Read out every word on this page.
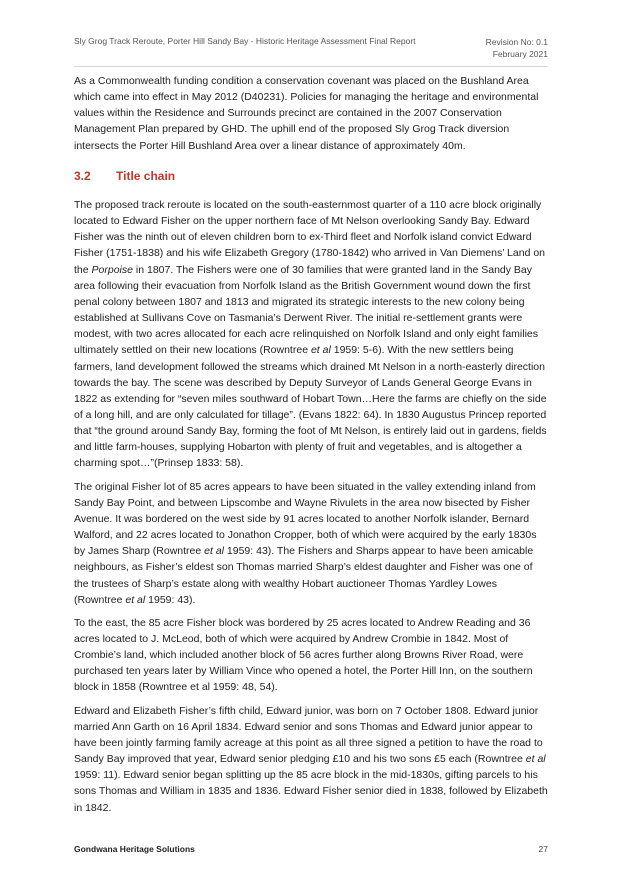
Sly Grog Track Reroute, Porter Hill Sandy Bay - Historic Heritage Assessment Final Report	Revision No: 0.1
February 2021

As a Commonwealth funding condition a conservation covenant was placed on the Bushland Area which came into effect in May 2012 (D40231). Policies for managing the heritage and environmental values within the Residence and Surrounds precinct are contained in the 2007 Conservation Management Plan prepared by GHD. The uphill end of the proposed Sly Grog Track diversion intersects the Porter Hill Bushland Area over a linear distance of approximately 40m.

3.2 Title chain

The proposed track reroute is located on the south-easternmost quarter of a 110 acre block originally located to Edward Fisher on the upper northern face of Mt Nelson overlooking Sandy Bay. Edward Fisher was the ninth out of eleven children born to ex-Third fleet and Norfolk island convict Edward Fisher (1751-1838) and his wife Elizabeth Gregory (1780-1842) who arrived in Van Diemens’ Land on the Porpoise in 1807. The Fishers were one of 30 families that were granted land in the Sandy Bay area following their evacuation from Norfolk Island as the British Government wound down the first penal colony between 1807 and 1813 and migrated its strategic interests to the new colony being established at Sullivans Cove on Tasmania’s Derwent River. The initial re-settlement grants were modest, with two acres allocated for each acre relinquished on Norfolk Island and only eight families ultimately settled on their new locations (Rowntree et al 1959: 5-6). With the new settlers being farmers, land development followed the streams which drained Mt Nelson in a north-easterly direction towards the bay. The scene was described by Deputy Surveyor of Lands General George Evans in 1822 as extending for “seven miles southward of Hobart Town…Here the farms are chiefly on the side of a long hill, and are only calculated for tillage”. (Evans 1822: 64). In 1830 Augustus Princep reported that “the ground around Sandy Bay, forming the foot of Mt Nelson, is entirely laid out in gardens, fields and little farm-houses, supplying Hobarton with plenty of fruit and vegetables, and is altogether a charming spot…”(Prinsep 1833: 58).

The original Fisher lot of 85 acres appears to have been situated in the valley extending inland from Sandy Bay Point, and between Lipscombe and Wayne Rivulets in the area now bisected by Fisher Avenue. It was bordered on the west side by 91 acres located to another Norfolk islander, Bernard Walford, and 22 acres located to Jonathon Cropper, both of which were acquired by the early 1830s by James Sharp (Rowntree et al 1959: 43). The Fishers and Sharps appear to have been amicable neighbours, as Fisher’s eldest son Thomas married Sharp’s eldest daughter and Fisher was one of the trustees of Sharp’s estate along with wealthy Hobart auctioneer Thomas Yardley Lowes (Rowntree et al 1959: 43).

To the east, the 85 acre Fisher block was bordered by 25 acres located to Andrew Reading and 36 acres located to J. McLeod, both of which were acquired by Andrew Crombie in 1842. Most of Crombie’s land, which included another block of 56 acres further along Browns River Road, were purchased ten years later by William Vince who opened a hotel, the Porter Hill Inn, on the southern block in 1858 (Rowntree et al 1959: 48, 54).

Edward and Elizabeth Fisher’s fifth child, Edward junior, was born on 7 October 1808. Edward junior married Ann Garth on 16 April 1834. Edward senior and sons Thomas and Edward junior appear to have been jointly farming family acreage at this point as all three signed a petition to have the road to Sandy Bay improved that year, Edward senior pledging £10 and his two sons £5 each (Rowntree et al 1959: 11). Edward senior began splitting up the 85 acre block in the mid-1830s, gifting parcels to his sons Thomas and William in 1835 and 1836. Edward Fisher senior died in 1838, followed by Elizabeth in 1842.

Gondwana Heritage Solutions	27
